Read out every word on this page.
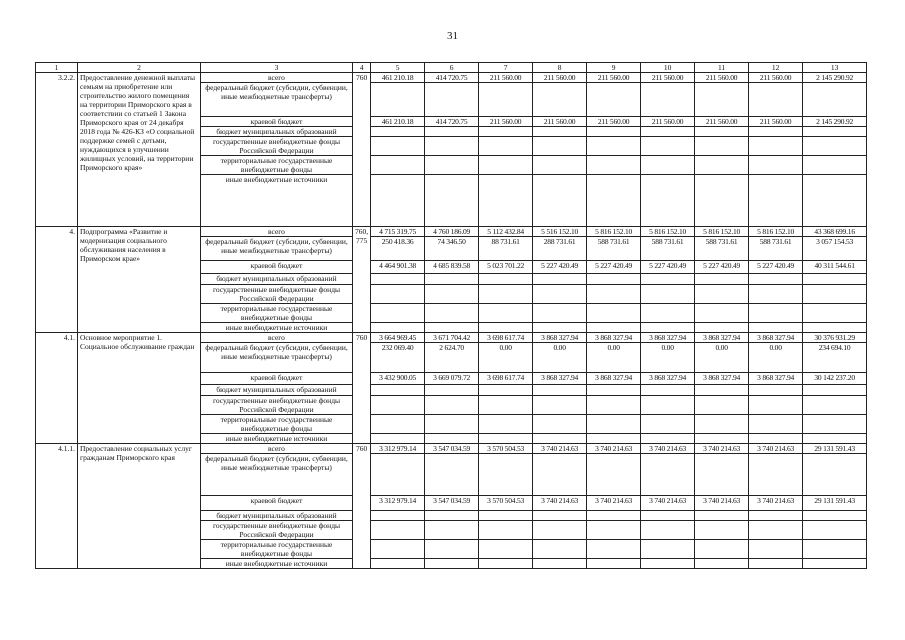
31
1	2	3	4	5	6	7	8	9	10	11	12	13
3.2.2.	Предоставление денежной выплаты семьям на приобретение или строительство жилого помещения на территории Приморского края в соответствии со статьей 1 Закона Приморского края от 24 декабря 2018 года № 426-КЗ «О социальной поддержке семей с детьми, нуждающихся в улучшении жилищных условий, на территории Приморского края»	всего	760	461 210.18	414 720.75	211 560.00	211 560.00	211 560.00	211 560.00	211 560.00	211 560.00	2 145 290.92
		федеральный бюджет (субсидии, субвенции, иные межбюджетные трансферты)										
		краевой бюджет		461 210.18	414 720.75	211 560.00	211 560.00	211 560.00	211 560.00	211 560.00	211 560.00	2 145 290.92
		бюджет муниципальных образований										
		государственные внебюджетные фонды Российской Федерации										
		территориальные государственные внебюджетные фонды										
		иные внебюджетные источники										
4.	Подпрограмма «Развитие и модернизация социального обслуживания населения в Приморском крае»	всего	760, 775	4 715 319.75	4 760 186.09	5 112 432.84	5 516 152.10	5 816 152.10	5 816 152.10	5 816 152.10	5 816 152.10	43 368 699.16
		федеральный бюджет (субсидии, субвенции, иные межбюджетные трансферты)		250 418.36	74 346.50	88 731.61	288 731.61	588 731.61	588 731.61	588 731.61	588 731.61	3 057 154.53
		краевой бюджет		4 464 901.38	4 685 839.58	5 023 701.22	5 227 420.49	5 227 420.49	5 227 420.49	5 227 420.49	5 227 420.49	40 311 544.61
		бюджет муниципальных образований										
		государственные внебюджетные фонды Российской Федерации										
		территориальные государственные внебюджетные фонды										
		иные внебюджетные источники										
4.1.	Основное мероприятие 1. Социальное обслуживание граждан	всего	760	3 664 969.45	3 671 704.42	3 698 617.74	3 868 327.94	3 868 327.94	3 868 327.94	3 868 327.94	3 868 327.94	30 376 931.29
		федеральный бюджет (субсидии, субвенции, иные межбюджетные трансферты)		232 069.40	2 624.70	0.00	0.00	0.00	0.00	0.00	0.00	234 694.10
		краевой бюджет		3 432 900.05	3 669 079.72	3 698 617.74	3 868 327.94	3 868 327.94	3 868 327.94	3 868 327.94	3 868 327.94	30 142 237.20
		бюджет муниципальных образований										
		государственные внебюджетные фонды Российской Федерации										
		территориальные государственные внебюджетные фонды										
		иные внебюджетные источники										
4.1.1.	Предоставление социальных услуг гражданам Приморского края	всего	760	3 312 979.14	3 547 034.59	3 570 504.53	3 740 214.63	3 740 214.63	3 740 214.63	3 740 214.63	3 740 214.63	29 131 591.43
		федеральный бюджет (субсидии, субвенции, иные межбюджетные трансферты)										
		краевой бюджет		3 312 979.14	3 547 034.59	3 570 504.53	3 740 214.63	3 740 214.63	3 740 214.63	3 740 214.63	3 740 214.63	29 131 591.43
		бюджет муниципальных образований										
		государственные внебюджетные фонды Российской Федерации										
		территориальные государственные внебюджетные фонды										
		иные внебюджетные источники										
